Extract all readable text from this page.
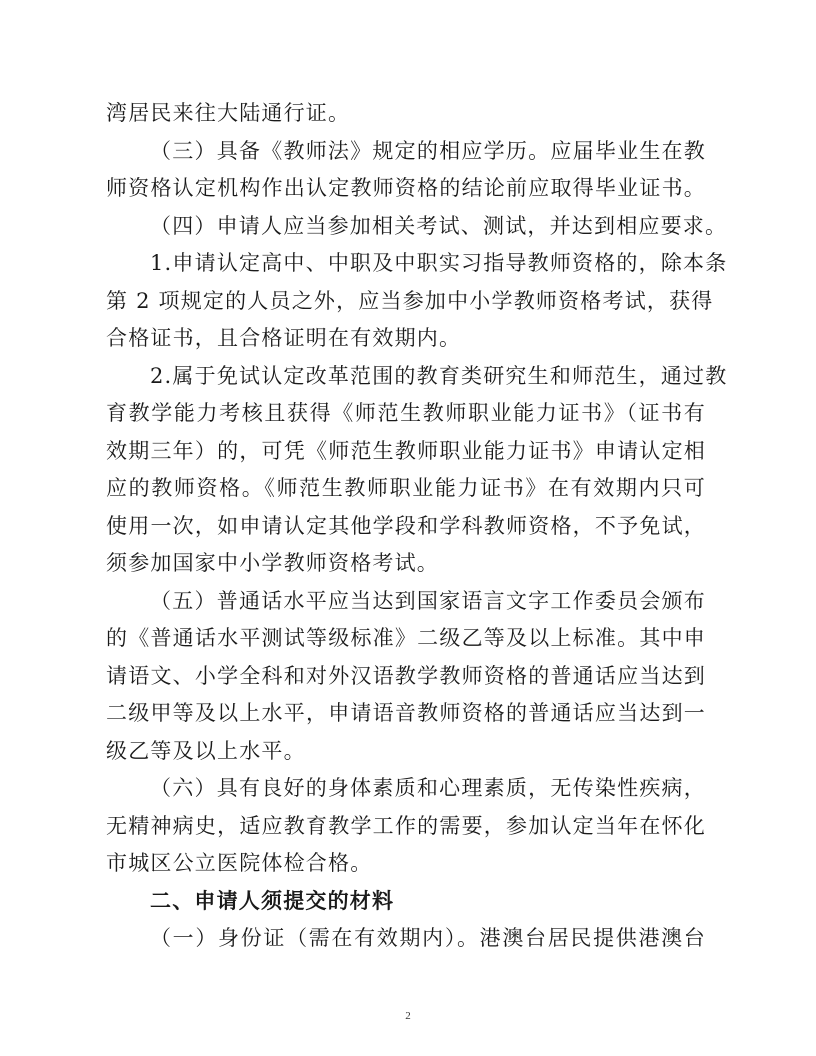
湾居民来往大陆通行证。
（三）具备《教师法》规定的相应学历。应届毕业生在教
师资格认定机构作出认定教师资格的结论前应取得毕业证书。
（四）申请人应当参加相关考试、测试，并达到相应要求。
1.申请认定高中、中职及中职实习指导教师资格的，除本条
第 2 项规定的人员之外，应当参加中小学教师资格考试，获得
合格证书，且合格证明在有效期内。
2.属于免试认定改革范围的教育类研究生和师范生，通过教
育教学能力考核且获得《师范生教师职业能力证书》（证书有
效期三年）的，可凭《师范生教师职业能力证书》申请认定相
应的教师资格。《师范生教师职业能力证书》在有效期内只可
使用一次，如申请认定其他学段和学科教师资格，不予免试，
须参加国家中小学教师资格考试。
（五）普通话水平应当达到国家语言文字工作委员会颁布
的《普通话水平测试等级标准》二级乙等及以上标准。其中申
请语文、小学全科和对外汉语教学教师资格的普通话应当达到
二级甲等及以上水平，申请语音教师资格的普通话应当达到一
级乙等及以上水平。
（六）具有良好的身体素质和心理素质，无传染性疾病，
无精神病史，适应教育教学工作的需要，参加认定当年在怀化
市城区公立医院体检合格。
二、申请人须提交的材料
（一）身份证（需在有效期内）。港澳台居民提供港澳台
2
